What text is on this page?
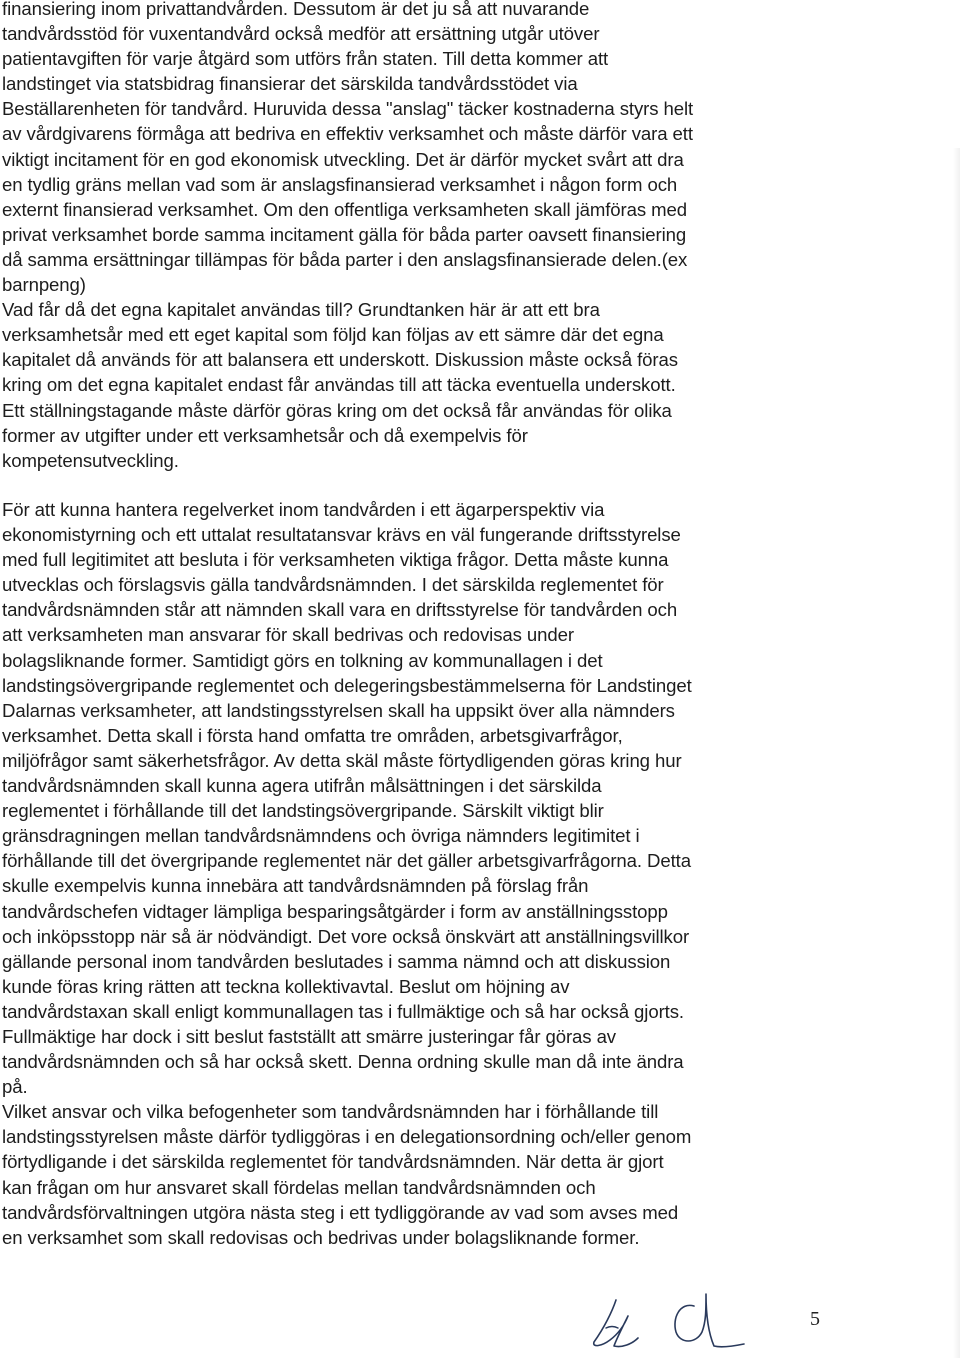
finansiering inom privattandvården. Dessutom är det ju så att nuvarande
tandvårdsstöd för vuxentandvård också medför att ersättning utgår utöver
patientavgiften för varje åtgärd som utförs från staten. Till detta kommer att
landstinget via statsbidrag finansierar det särskilda tandvårdsstödet via
Beställarenheten för tandvård. Huruvida dessa "anslag" täcker kostnaderna styrs helt
av vårdgivarens förmåga att bedriva en effektiv verksamhet och måste därför vara ett
viktigt incitament för en god ekonomisk utveckling. Det är därför mycket svårt att dra
en tydlig gräns mellan vad som är anslagsfinansierad verksamhet i någon form och
externt finansierad verksamhet. Om den offentliga verksamheten skall jämföras med
privat verksamhet borde samma incitament gälla för båda parter oavsett finansiering
då samma ersättningar tillämpas för båda parter i den anslagsfinansierade delen.(ex
barnpeng)
Vad får då det egna kapitalet användas till? Grundtanken här är att ett bra
verksamhetsår med ett eget kapital som följd kan följas av ett sämre där det egna
kapitalet då används för att balansera ett underskott. Diskussion måste också föras
kring om det egna kapitalet endast får användas till att täcka eventuella underskott.
Ett ställningstagande måste därför göras kring om det också får användas för olika
former av utgifter under ett verksamhetsår och då exempelvis för
kompetensutveckling.
För att kunna hantera regelverket inom tandvården i ett ägarperspektiv via
ekonomistyrning och ett uttalat resultatansvar krävs en väl fungerande driftsstyrelse
med full legitimitet att besluta i för verksamheten viktiga frågor. Detta måste kunna
utvecklas och förslagsvis gälla tandvårdsnämnden. I det särskilda reglementet för
tandvårdsnämnden står att nämnden skall vara en driftsstyrelse för tandvården och
att verksamheten man ansvarar för skall bedrivas och redovisas under
bolagsliknande former. Samtidigt görs en tolkning av kommunallagen i det
landstingsövergripande reglementet och delegeringsbestämmelserna för Landstinget
Dalarnas verksamheter, att landstingsstyrelsen skall ha uppsikt över alla nämnders
verksamhet. Detta skall i första hand omfatta tre områden, arbetsgivarfrågor,
miljöfrågor samt säkerhetsfrågor. Av detta skäl måste förtydligenden göras kring hur
tandvårdsnämnden skall kunna agera utifrån målsättningen i det särskilda
reglementet i förhållande till det landstingsövergripande. Särskilt viktigt blir
gränsdragningen mellan tandvårdsnämndens och övriga nämnders legitimitet i
förhållande till det övergripande reglementet när det gäller arbetsgivarfrågorna. Detta
skulle exempelvis kunna innebära att tandvårdsnämnden på förslag från
tandvårdschefen vidtager lämpliga besparingsåtgärder i form av anställningsstopp
och inköpsstopp när så är nödvändigt. Det vore också önskvärt att anställningsvillkor
gällande personal inom tandvården beslutades i samma nämnd och att diskussion
kunde föras kring rätten att teckna kollektivavtal. Beslut om höjning av
tandvårdstaxan skall enligt kommunallagen tas i fullmäktige och så har också gjorts.
Fullmäktige har dock i sitt beslut fastställt att smärre justeringar får göras av
tandvårdsnämnden och så har också skett. Denna ordning skulle man då inte ändra
på.
Vilket ansvar och vilka befogenheter som tandvårdsnämnden har i förhållande till
landstingsstyrelsen måste därför tydliggöras i en delegationsordning och/eller genom
förtydligande i det särskilda reglementet för tandvårdsnämnden. När detta är gjort
kan frågan om hur ansvaret skall fördelas mellan tandvårdsnämnden och
tandvårdsförvaltningen utgöra nästa steg i ett tydliggörande av vad som avses med
en verksamhet som skall redovisas och bedrivas under bolagsliknande former.
5
